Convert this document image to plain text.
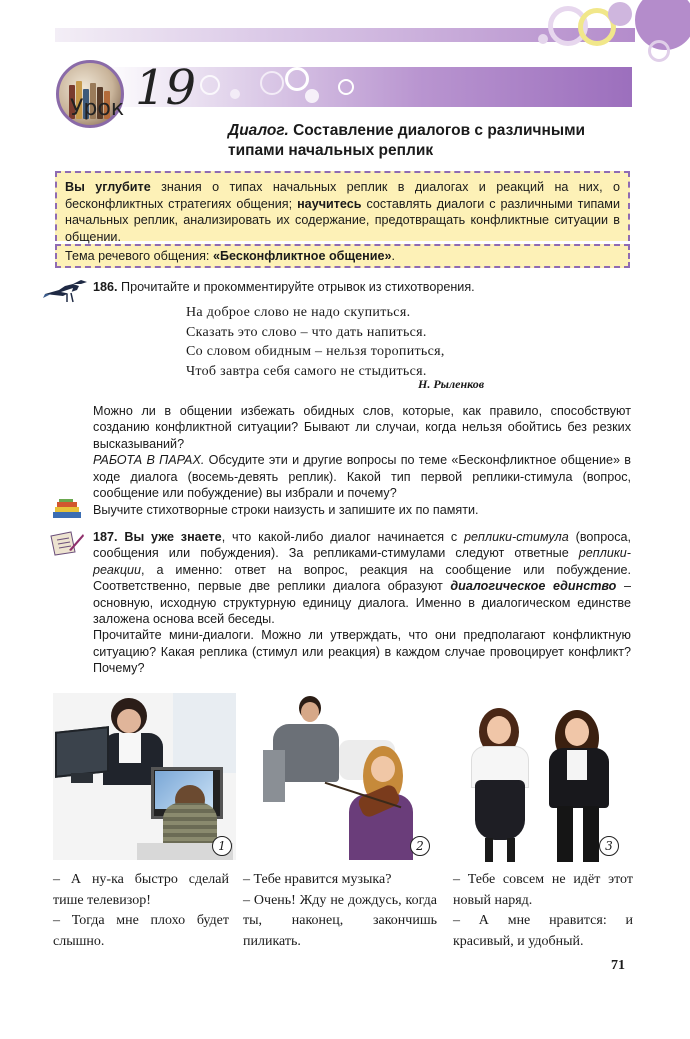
Урок 19
Диалог. Составление диалогов с различными
типами начальных реплик
Вы углубите знания о типах начальных реплик в диалогах и реакций на них, о бесконфликтных стратегиях общения; научитесь составлять диалоги с различными типами начальных реплик, анализировать их содержание, предотвращать конфликтные ситуации в общении.
Тема речевого общения: «Бесконфликтное общение».
186. Прочитайте и прокомментируйте отрывок из стихотворения.
На доброе слово не надо скупиться.
Сказать это слово – что дать напиться.
Со словом обидным – нельзя торопиться,
Чтоб завтра себя самого не стыдиться.
Н. Рыленков
Можно ли в общении избежать обидных слов, которые, как правило, способствуют созданию конфликтной ситуации? Бывают ли случаи, когда нельзя обойтись без резких высказываний?
РАБОТА В ПАРАХ. Обсудите эти и другие вопросы по теме «Бесконфликтное общение» в ходе диалога (восемь-девять реплик). Какой тип первой реплики-стимула (вопрос, сообщение или побуждение) вы избрали и почему?
Выучите стихотворные строки наизусть и запишите их по памяти.
187. Вы уже знаете, что какой-либо диалог начинается с реплики-стимула (вопроса, сообщения или побуждения). За репликами-стимулами следуют ответные реплики-реакции, а именно: ответ на вопрос, реакция на сообщение или побуждение. Соответственно, первые две реплики диалога образуют диалогическое единство – основную, исходную структурную единицу диалога. Именно в диалогическом единстве заложена основа всей беседы.
Прочитайте мини-диалоги. Можно ли утверждать, что они предполагают конфликтную ситуацию? Какая реплика (стимул или реакция) в каждом случае провоцирует конфликт? Почему?
1
– А ну-ка быстро сделай тише телевизор!
– Тогда мне плохо будет слышно.
2
– Тебе нравится музыка?
– Очень! Жду не дождусь, когда ты, наконец, закончишь пиликать.
3
– Тебе совсем не идёт этот новый наряд.
– А мне нравится: и красивый, и удобный.
71
